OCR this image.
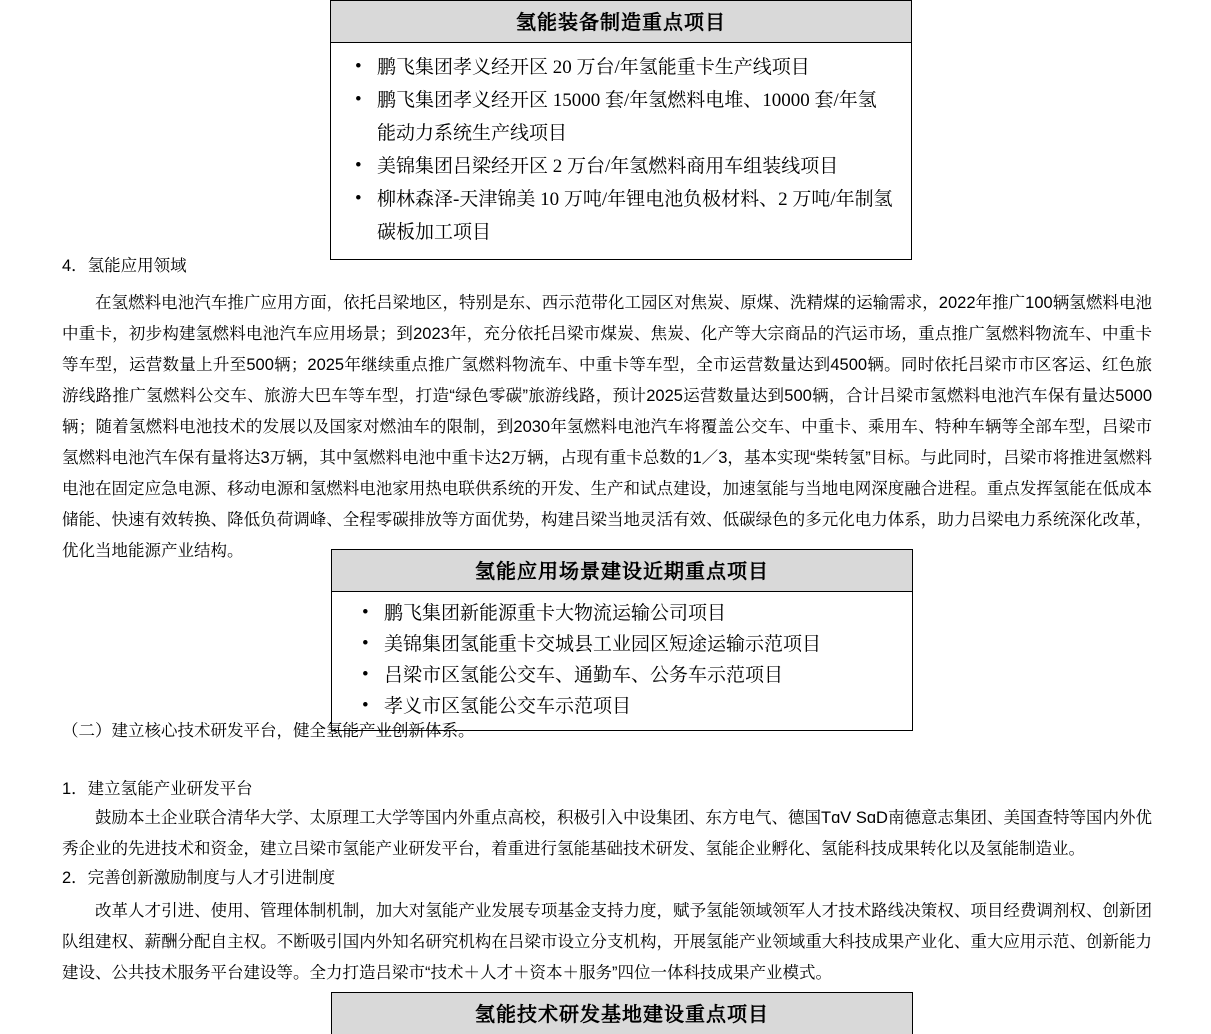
氢能装备制造重点项目
• 鹏飞集团孝义经开区 20 万台/年氢能重卡生产线项目
• 鹏飞集团孝义经开区 15000 套/年氢燃料电堆、10000 套/年氢能动力系统生产线项目
• 美锦集团吕梁经开区 2 万台/年氢燃料商用车组装线项目
• 柳林森泽-天津锦美 10 万吨/年锂电池负极材料、2 万吨/年制氢碳板加工项目
4．氢能应用领域

在氢燃料电池汽车推广应用方面，依托吕梁地区，特别是东、西示范带化工园区对焦炭、原煤、洗精煤的运输需求，2022年推广100辆氢燃料电池中重卡，初步构建氢燃料电池汽车应用场景；到2023年，充分依托吕梁市煤炭、焦炭、化产等大宗商品的汽运市场，重点推广氢燃料物流车、中重卡等车型，运营数量上升至500辆；2025年继续重点推广氢燃料物流车、中重卡等车型，全市运营数量达到4500辆。同时依托吕梁市市区客运、红色旅游线路推广氢燃料公交车、旅游大巴车等车型，打造“绿色零碳”旅游线路，预计2025运营数量达到500辆，合计吕梁市氢燃料电池汽车保有量达5000辆；随着氢燃料电池技术的发展以及国家对燃油车的限制，到2030年氢燃料电池汽车将覆盖公交车、中重卡、乘用车、特种车辆等全部车型，吕梁市氢燃料电池汽车保有量将达3万辆，其中氢燃料电池中重卡达2万辆，占现有重卡总数的1／3，基本实现“柴转氢”目标。与此同时，吕梁市将推进氢燃料电池在固定应急电源、移动电源和氢燃料电池家用热电联供系统的开发、生产和试点建设，加速氢能与当地电网深度融合进程。重点发挥氢能在低成本储能、快速有效转换、降低负荷调峰、全程零碳排放等方面优势，构建吕梁当地灵活有效、低碳绿色的多元化电力体系，助力吕梁电力系统深化改革，优化当地能源产业结构。

氢能应用场景建设近期重点项目
• 鹏飞集团新能源重卡大物流运输公司项目
• 美锦集团氢能重卡交城县工业园区短途运输示范项目
• 吕梁市区氢能公交车、通勤车、公务车示范项目
• 孝义市区氢能公交车示范项目
（二）建立核心技术研发平台，健全氢能产业创新体系。
1．建立氢能产业研发平台

鼓励本土企业联合清华大学、太原理工大学等国内外重点高校，积极引入中设集团、东方电气、德国TɑV SɑD南德意志集团、美国查特等国内外优秀企业的先进技术和资金，建立吕梁市氢能产业研发平台，着重进行氢能基础技术研发、氢能企业孵化、氢能科技成果转化以及氢能制造业。

2．完善创新激励制度与人才引进制度

改革人才引进、使用、管理体制机制，加大对氢能产业发展专项基金支持力度，赋予氢能领域领军人才技术路线决策权、项目经费调剂权、创新团队组建权、薪酬分配自主权。不断吸引国内外知名研究机构在吕梁市设立分支机构，开展氢能产业领域重大科技成果产业化、重大应用示范、创新能力建设、公共技术服务平台建设等。全力打造吕梁市“技术＋人才＋资本＋服务”四位一体科技成果产业模式。

氢能技术研发基地建设重点项目
